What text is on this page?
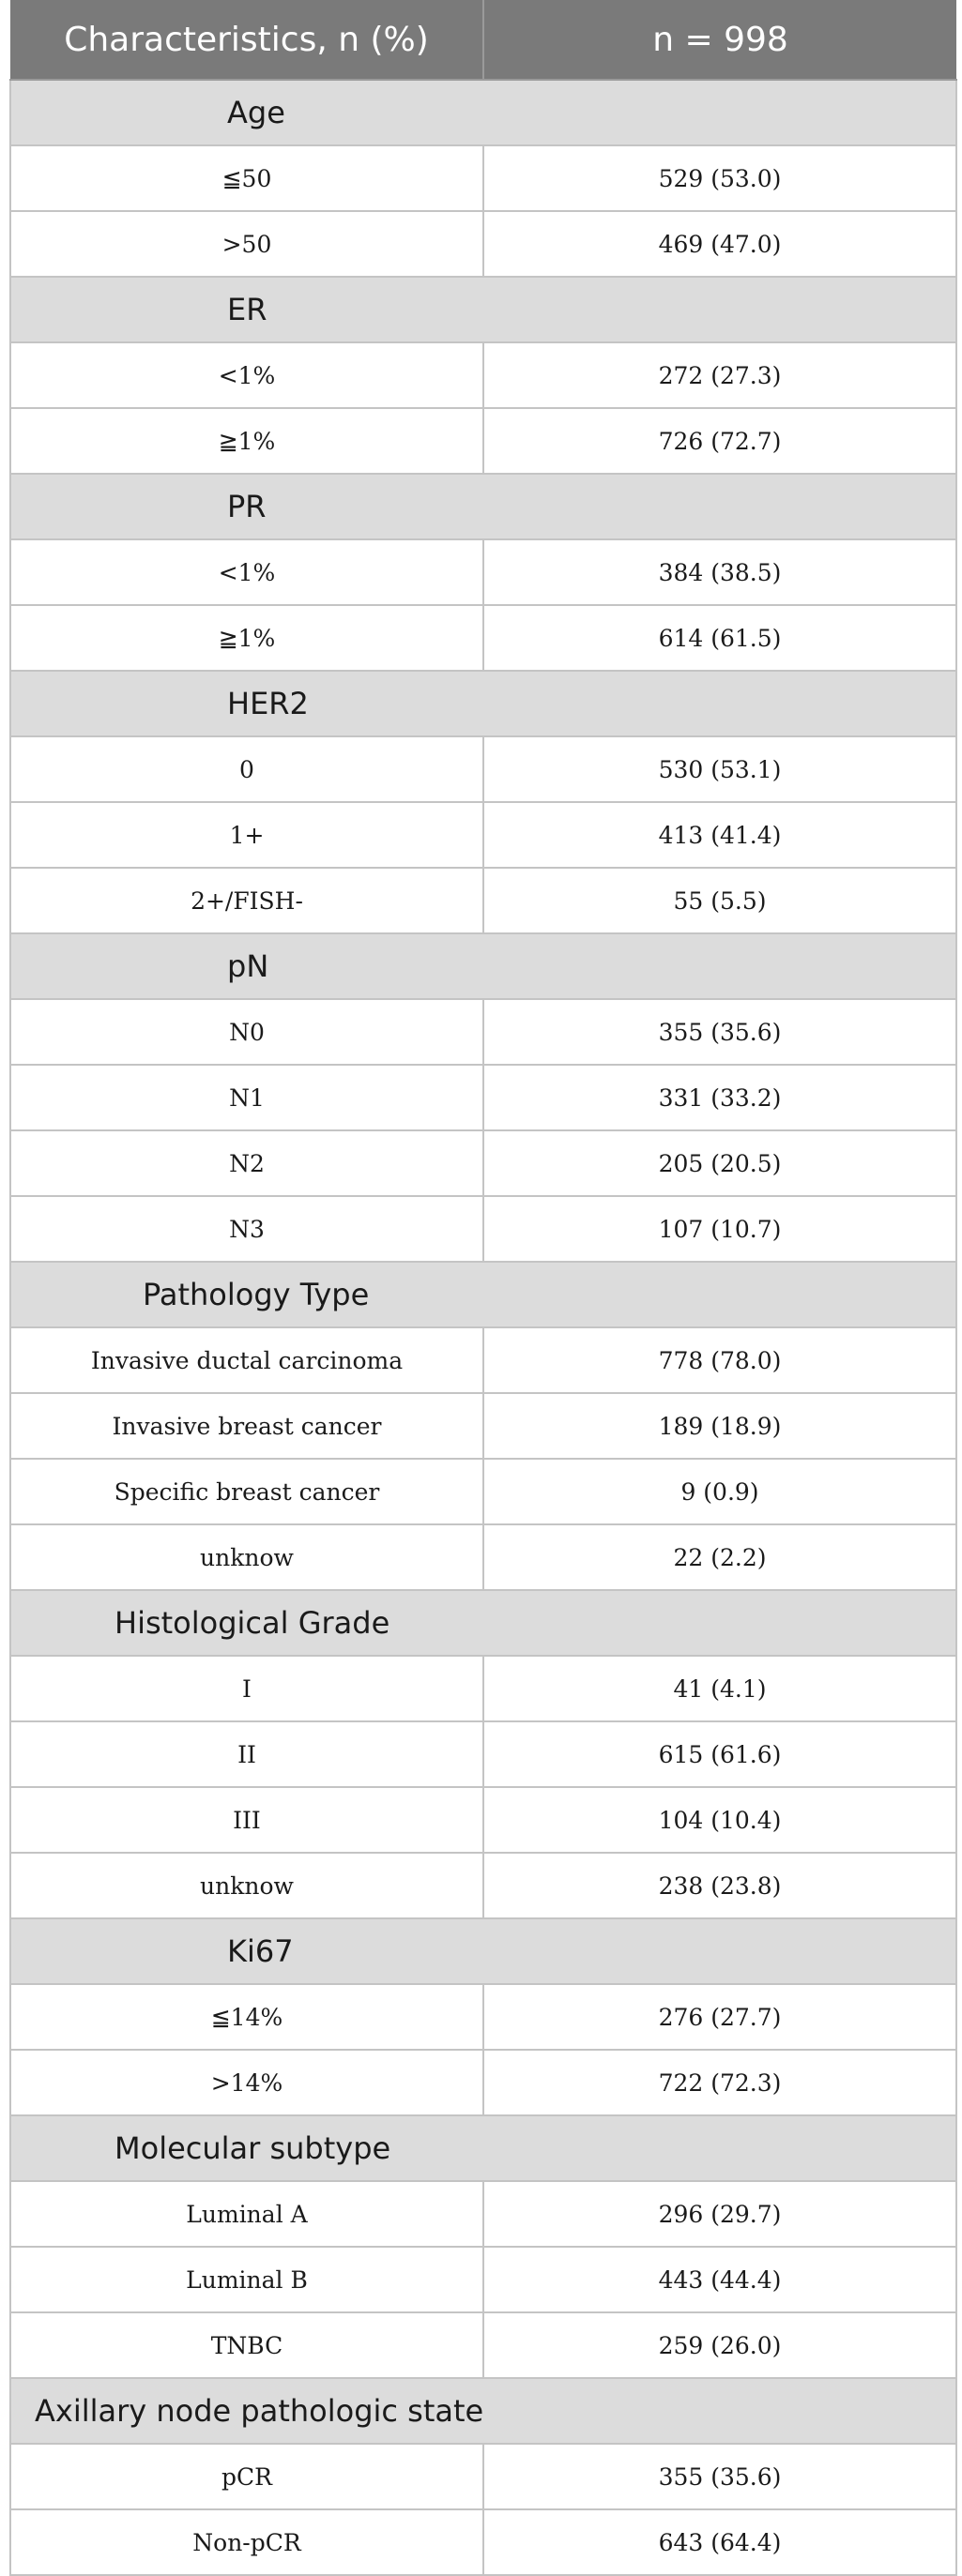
Characteristics, n (%)	n = 998
Age	
≦50	529 (53.0)
>50	469 (47.0)
ER	
<1%	272 (27.3)
≧1%	726 (72.7)
PR	
<1%	384 (38.5)
≧1%	614 (61.5)
HER2	
0	530 (53.1)
1+	413 (41.4)
2+/FISH-	55 (5.5)
pN	
N0	355 (35.6)
N1	331 (33.2)
N2	205 (20.5)
N3	107 (10.7)
Pathology Type	
Invasive ductal carcinoma	778 (78.0)
Invasive breast cancer	189 (18.9)
Specific breast cancer	9 (0.9)
unknow	22 (2.2)
Histological Grade	
I	41 (4.1)
II	615 (61.6)
III	104 (10.4)
unknow	238 (23.8)
Ki67	
≦14%	276 (27.7)
>14%	722 (72.3)
Molecular subtype	
Luminal A	296 (29.7)
Luminal B	443 (44.4)
TNBC	259 (26.0)
Axillary node pathologic state	
pCR	355 (35.6)
Non-pCR	643 (64.4)
